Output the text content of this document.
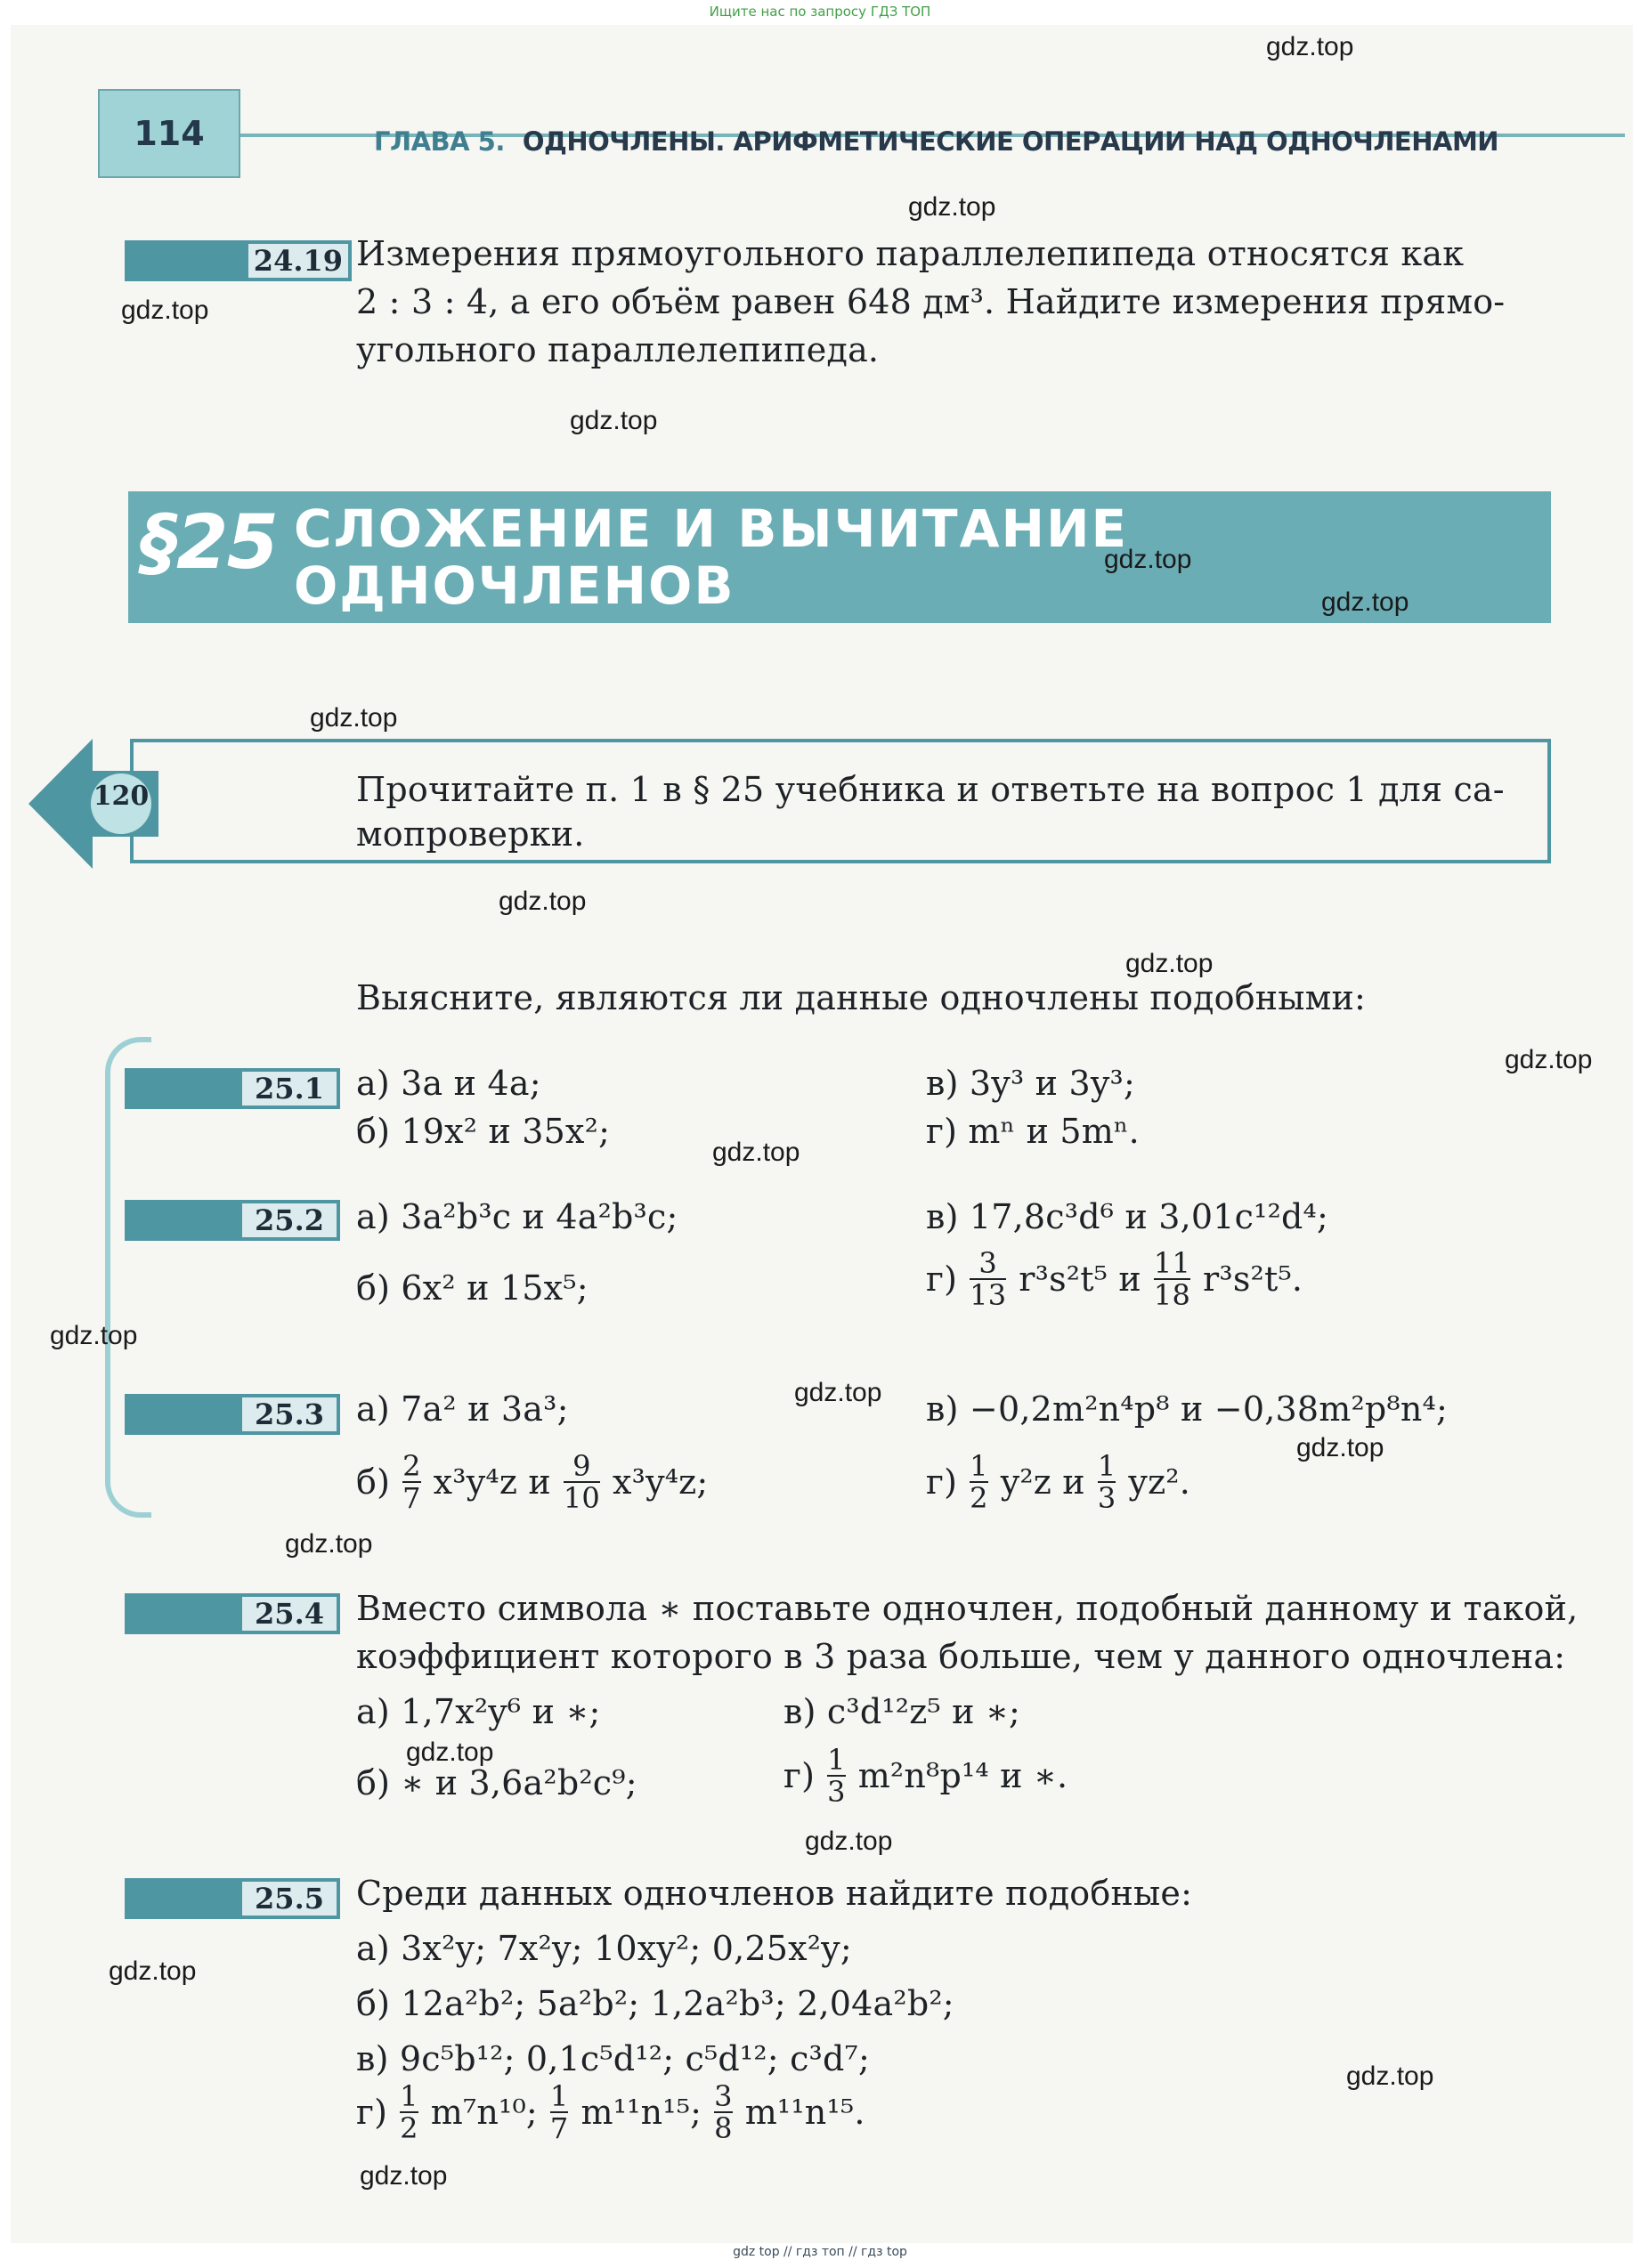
Ищите нас по запросу ГДЗ ТОП
114	ГЛАВА 5. ОДНОЧЛЕНЫ. АРИФМЕТИЧЕСКИЕ ОПЕРАЦИИ НАД ОДНОЧЛЕНАМИ
24.19 Измерения прямоугольного параллелепипеда относятся как
2 : 3 : 4, а его объём равен 648 дм³. Найдите измерения прямо-
угольного параллелепипеда.
§25 СЛОЖЕНИЕ И ВЫЧИТАНИЕ
ОДНОЧЛЕНОВ
120	Прочитайте п. 1 в § 25 учебника и ответьте на вопрос 1 для са-
мопроверки.
Выясните, являются ли данные одночлены подобными:
25.1 а) 3a и 4a;	в) 3y³ и 3y³;
б) 19x² и 35x²;	г) mⁿ и 5mⁿ.
25.2 а) 3a²b³c и 4a²b³c;	в) 17,8c³d⁶ и 3,01c¹²d⁴;
б) 6x² и 15x⁵;	$г) \frac{3}{13} r^3s^2t^5$ и $\frac{11}{18} r^3s^2t^5$.
25.3 а) 7a² и 3a³;	в) −0,2m²n⁴p⁸ и −0,38m²p⁸n⁴;
$б) \frac{2}{7} x^3y^4z$ и $\frac{9}{10} x^3y^4z$;	$г) \frac{1}{2} y^2z$ и $\frac{1}{3} yz^2$.
25.4 Вместо символа ∗ поставьте одночлен, подобный данному и такой,
коэффициент которого в 3 раза больше, чем у данного одночлена:
а) 1,7x²y⁶ и ∗;	в) c³d¹²z⁵ и ∗;
б) ∗ и 3,6a²b²c⁹;	$г) \frac{1}{3} m^2n^8p^{14}$ и ∗.
25.5 Среди данных одночленов найдите подобные:
а) 3x²y; 7x²y; 10xy²; 0,25x²y;
б) 12a²b²; 5a²b²; 1,2a²b³; 2,04a²b²;
в) 9c⁵b¹²; 0,1c⁵d¹²; c⁵d¹²; c³d⁷;
$г) \frac{1}{2} m^7n^{10}$; $\frac{1}{7} m^{11}n^{15}$; $\frac{3}{8} m^{11}n^{15}$.
gdz.top
gdz.top
gdz.top
gdz.top
gdz.top
gdz.top
gdz.top
gdz.top
gdz.top
gdz.top
gdz.top
gdz.top
gdz.top
gdz.top
gdz.top
gdz.top
gdz.top
gdz.top
gdz.top
gdz.top
gdz top // гдз топ // гдз top
